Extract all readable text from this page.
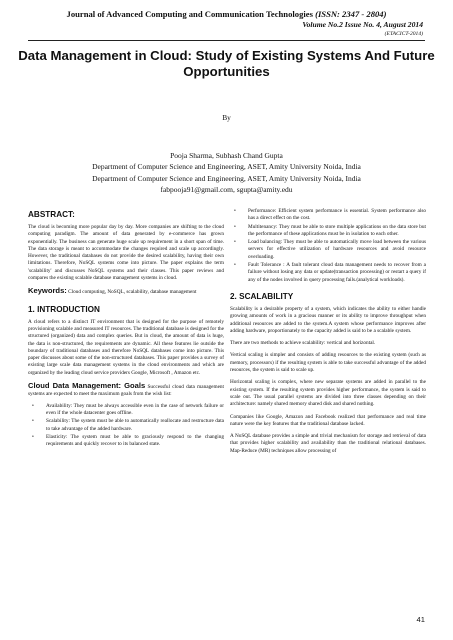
Journal of Advanced Computing and Communication Technologies (ISSN: 2347 - 2804)
Volume No.2 Issue No. 4, August 2014
(ETACICT-2014)
Data Management in Cloud: Study of Existing Systems And Future Opportunities
By
Pooja Sharma, Subhash Chand Gupta
Department of Computer Science and Engineering, ASET, Amity University Noida, India
Department of Computer Science and Engineering, ASET, Amity University Noida, India
fabpooja91@gmail.com, sgupta@amity.edu
ABSTRACT:

The cloud is becoming more popular day by day. More companies are shifting to the cloud computing paradigm. The amount of data generated by e-commerce has grown exponentially. The business can generate huge scale up requirement in a short span of time. The data storage is meant to accommodate the changes required and scale up accordingly. However, the traditional databases do not provide the desired scalability, having their own limitations. Therefore, NoSQL systems come into picture. The paper explains the term 'scalability' and discusses NoSQL systems and their classes. This paper reviews and compares the existing scalable database management systems in cloud.

Keywords: Cloud computing, NoSQL, scalability, database management
1. INTRODUCTION

A cloud refers to a distinct IT environment that is designed for the purpose of remotely provisioning scalable and measured IT resources. The traditional database is designed for the structured (organized) data and complex queries. But in cloud, the amount of data is huge, the data is non-structured, the requirements are dynamic. All these features lie outside the boundary of traditional databases and therefore NoSQL databases come into picture. This paper discusses about some of the non-structured databases. This paper provides a survey of existing large scale data management systems in the cloud environments and which are organized by the leading cloud service providers Google, Microsoft , Amazon etc.

Cloud Data Management: Goals Successful cloud data management systems are expected to meet the maximum goals from the wish list:
• Availability: They must be always accessible even in the case of network failure or even if the whole datacenter goes offline.
• Scalability: The system must be able to automatically reallocate and restructure data to take advantage of the added hardware.
• Elasticity: The system must be able to graciously respond to the changing requirements and quickly recover to its balanced state.
• Performance: Efficient system performance is essential. System performance also has a direct effect on the cost.
• Multitenancy: They must be able to store multiple applications on the data store but the performance of these applications must be in isolation to each other.
• Load balancing: They must be able to automatically move load between the various servers for effective utilization of hardware resources and avoid resource overloading.
• Fault Tolerance : A fault tolerant cloud data management needs to recover from a failure without losing any data or update(transaction processing) or restart a query if any of the nodes involved in query processing fails.(analytical workloads).
2. SCALABILITY

Scalability is a desirable property of a system, which indicates the ability to either handle growing amounts of work in a gracious manner or its ability to improve throughput when additional resources are added to the system.A system whose performance improves after adding hardware, proportionately to the capacity added is said to be a scalable system.

There are two methods to achieve scalability: vertical and horizontal.

Vertical scaling is simpler and consists of adding resources to the existing system (such as memory, processors) if the resulting system is able to take successful advantage of the added resources, the system is said to scale up.

Horizontal scaling is complex, where new separate systems are added in parallel to the existing system. If the resulting system provides higher performance, the system is said to scale out. The usual parallel systems are divided into three classes depending on their architecture: namely shared memory shared disk and shared nothing.

Companies like Google, Amazon and Facebook realized that performance and real time nature were the key features that the traditional database lacked.

A NoSQL database provides a simple and trivial mechanism for storage and retrieval of data that provides higher scalability and availability than the traditional relational databases. Map-Reduce (MR) techniques allow processing of

41
